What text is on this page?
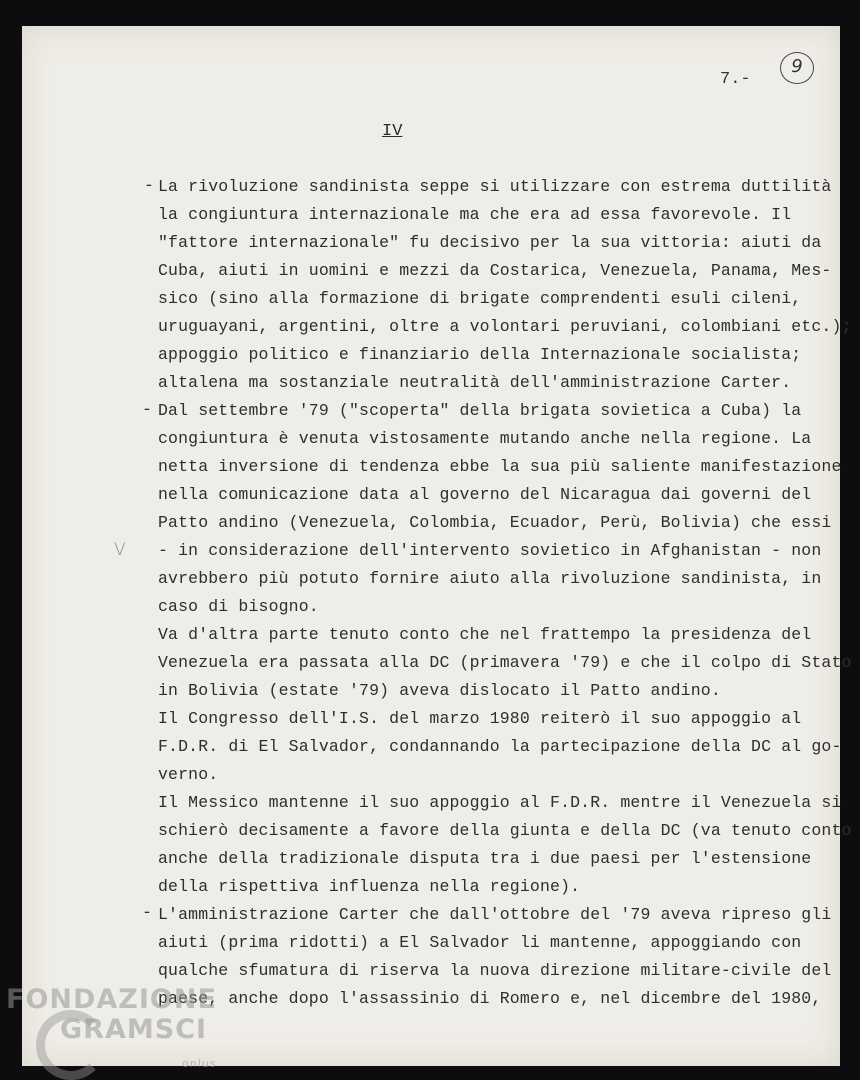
7.-
9
IV
V
-
-
-
La rivoluzione sandinista seppe si utilizzare con estrema duttilità
la congiuntura internazionale ma che era ad essa favorevole. Il
"fattore internazionale" fu decisivo per la sua vittoria: aiuti da
Cuba, aiuti in uomini e mezzi da Costarica, Venezuela, Panama, Mes-
sico (sino alla formazione di brigate comprendenti esuli cileni,
uruguayani, argentini, oltre a volontari peruviani, colombiani etc.);
appoggio politico e finanziario della Internazionale socialista;
altalena ma sostanziale neutralità dell'amministrazione Carter.
Dal settembre '79 ("scoperta" della brigata sovietica a Cuba) la
congiuntura è venuta vistosamente mutando anche nella regione. La
netta inversione di tendenza ebbe la sua più saliente manifestazione
nella comunicazione data al governo del Nicaragua dai governi del
Patto andino (Venezuela, Colombia, Ecuador, Perù, Bolivia) che essi
- in considerazione dell'intervento sovietico in Afghanistan - non
avrebbero più potuto fornire aiuto alla rivoluzione sandinista, in
caso di bisogno.
Va d'altra parte tenuto conto che nel frattempo la presidenza del
Venezuela era passata alla DC (primavera '79) e che il colpo di Stato
in Bolivia (estate '79) aveva dislocato il Patto andino.
Il Congresso dell'I.S. del marzo 1980 reiterò il suo appoggio al
F.D.R. di El Salvador, condannando la partecipazione della DC al go-
verno.
Il Messico mantenne il suo appoggio al F.D.R. mentre il Venezuela si
schierò decisamente a favore della giunta e della DC (va tenuto conto
anche della tradizionale disputa tra i due paesi per l'estensione
della rispettiva influenza nella regione).
L'amministrazione Carter che dall'ottobre del '79 aveva ripreso gli
aiuti (prima ridotti) a El Salvador li mantenne, appoggiando con
qualche sfumatura di riserva la nuova direzione militare-civile del
paese, anche dopo l'assassinio di Romero e, nel dicembre del 1980,
FONDAZIONE
GRAMSCI
onlus
